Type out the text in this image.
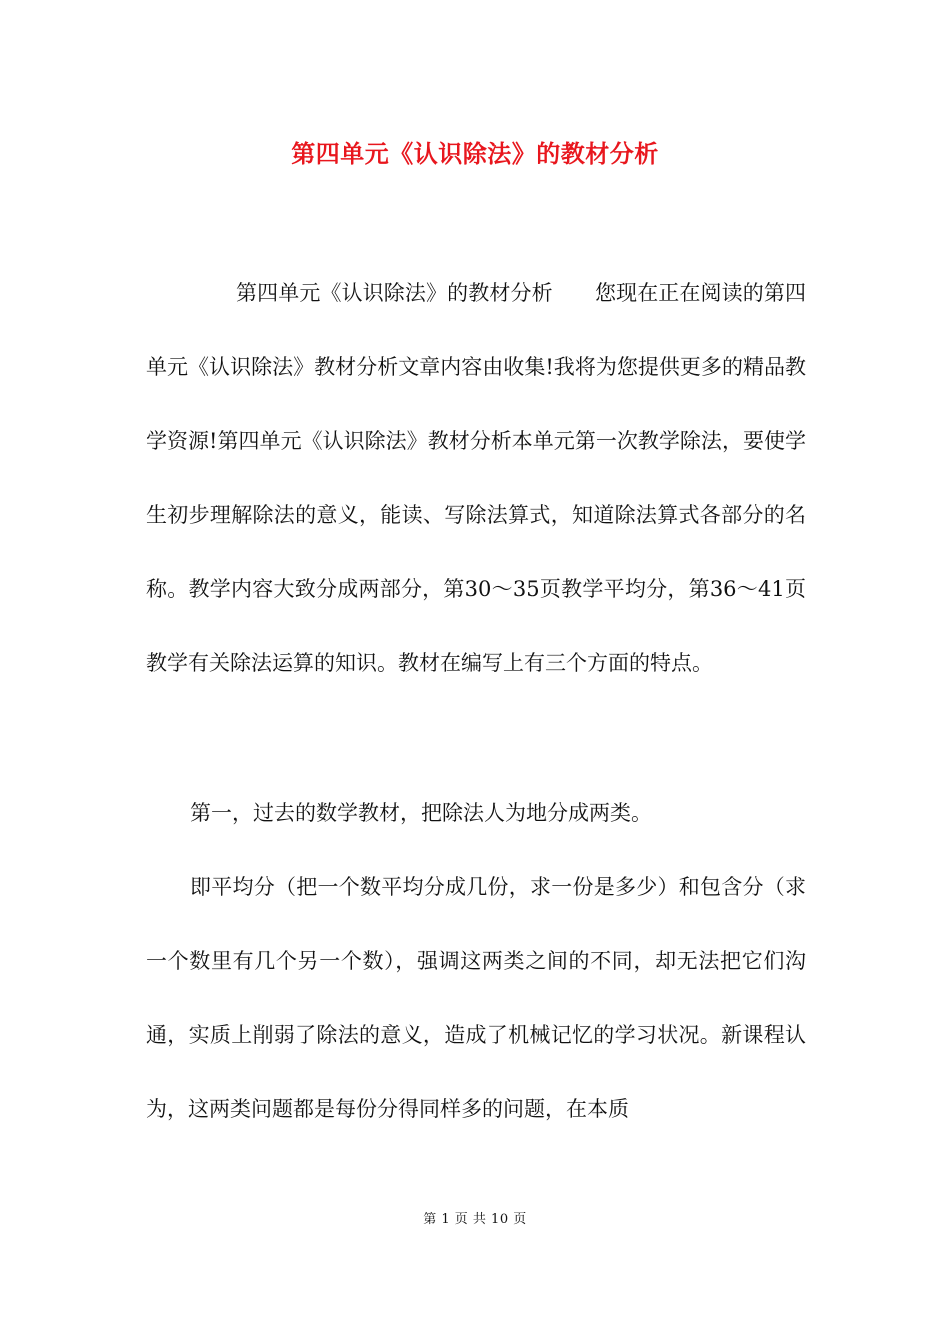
第四单元《认识除法》的教材分析

第四单元《认识除法》的教材分析　　您现在正在阅读的第四单元《认识除法》教材分析文章内容由收集!我将为您提供更多的精品教学资源!第四单元《认识除法》教材分析本单元第一次教学除法，要使学生初步理解除法的意义，能读、写除法算式，知道除法算式各部分的名称。教学内容大致分成两部分，第30～35页教学平均分，第36～41页教学有关除法运算的知识。教材在编写上有三个方面的特点。

第一，过去的数学教材，把除法人为地分成两类。

即平均分（把一个数平均分成几份，求一份是多少）和包含分（求一个数里有几个另一个数），强调这两类之间的不同，却无法把它们沟通，实质上削弱了除法的意义，造成了机械记忆的学习状况。新课程认为，这两类问题都是每份分得同样多的问题，在本质

第 1 页 共 10 页
